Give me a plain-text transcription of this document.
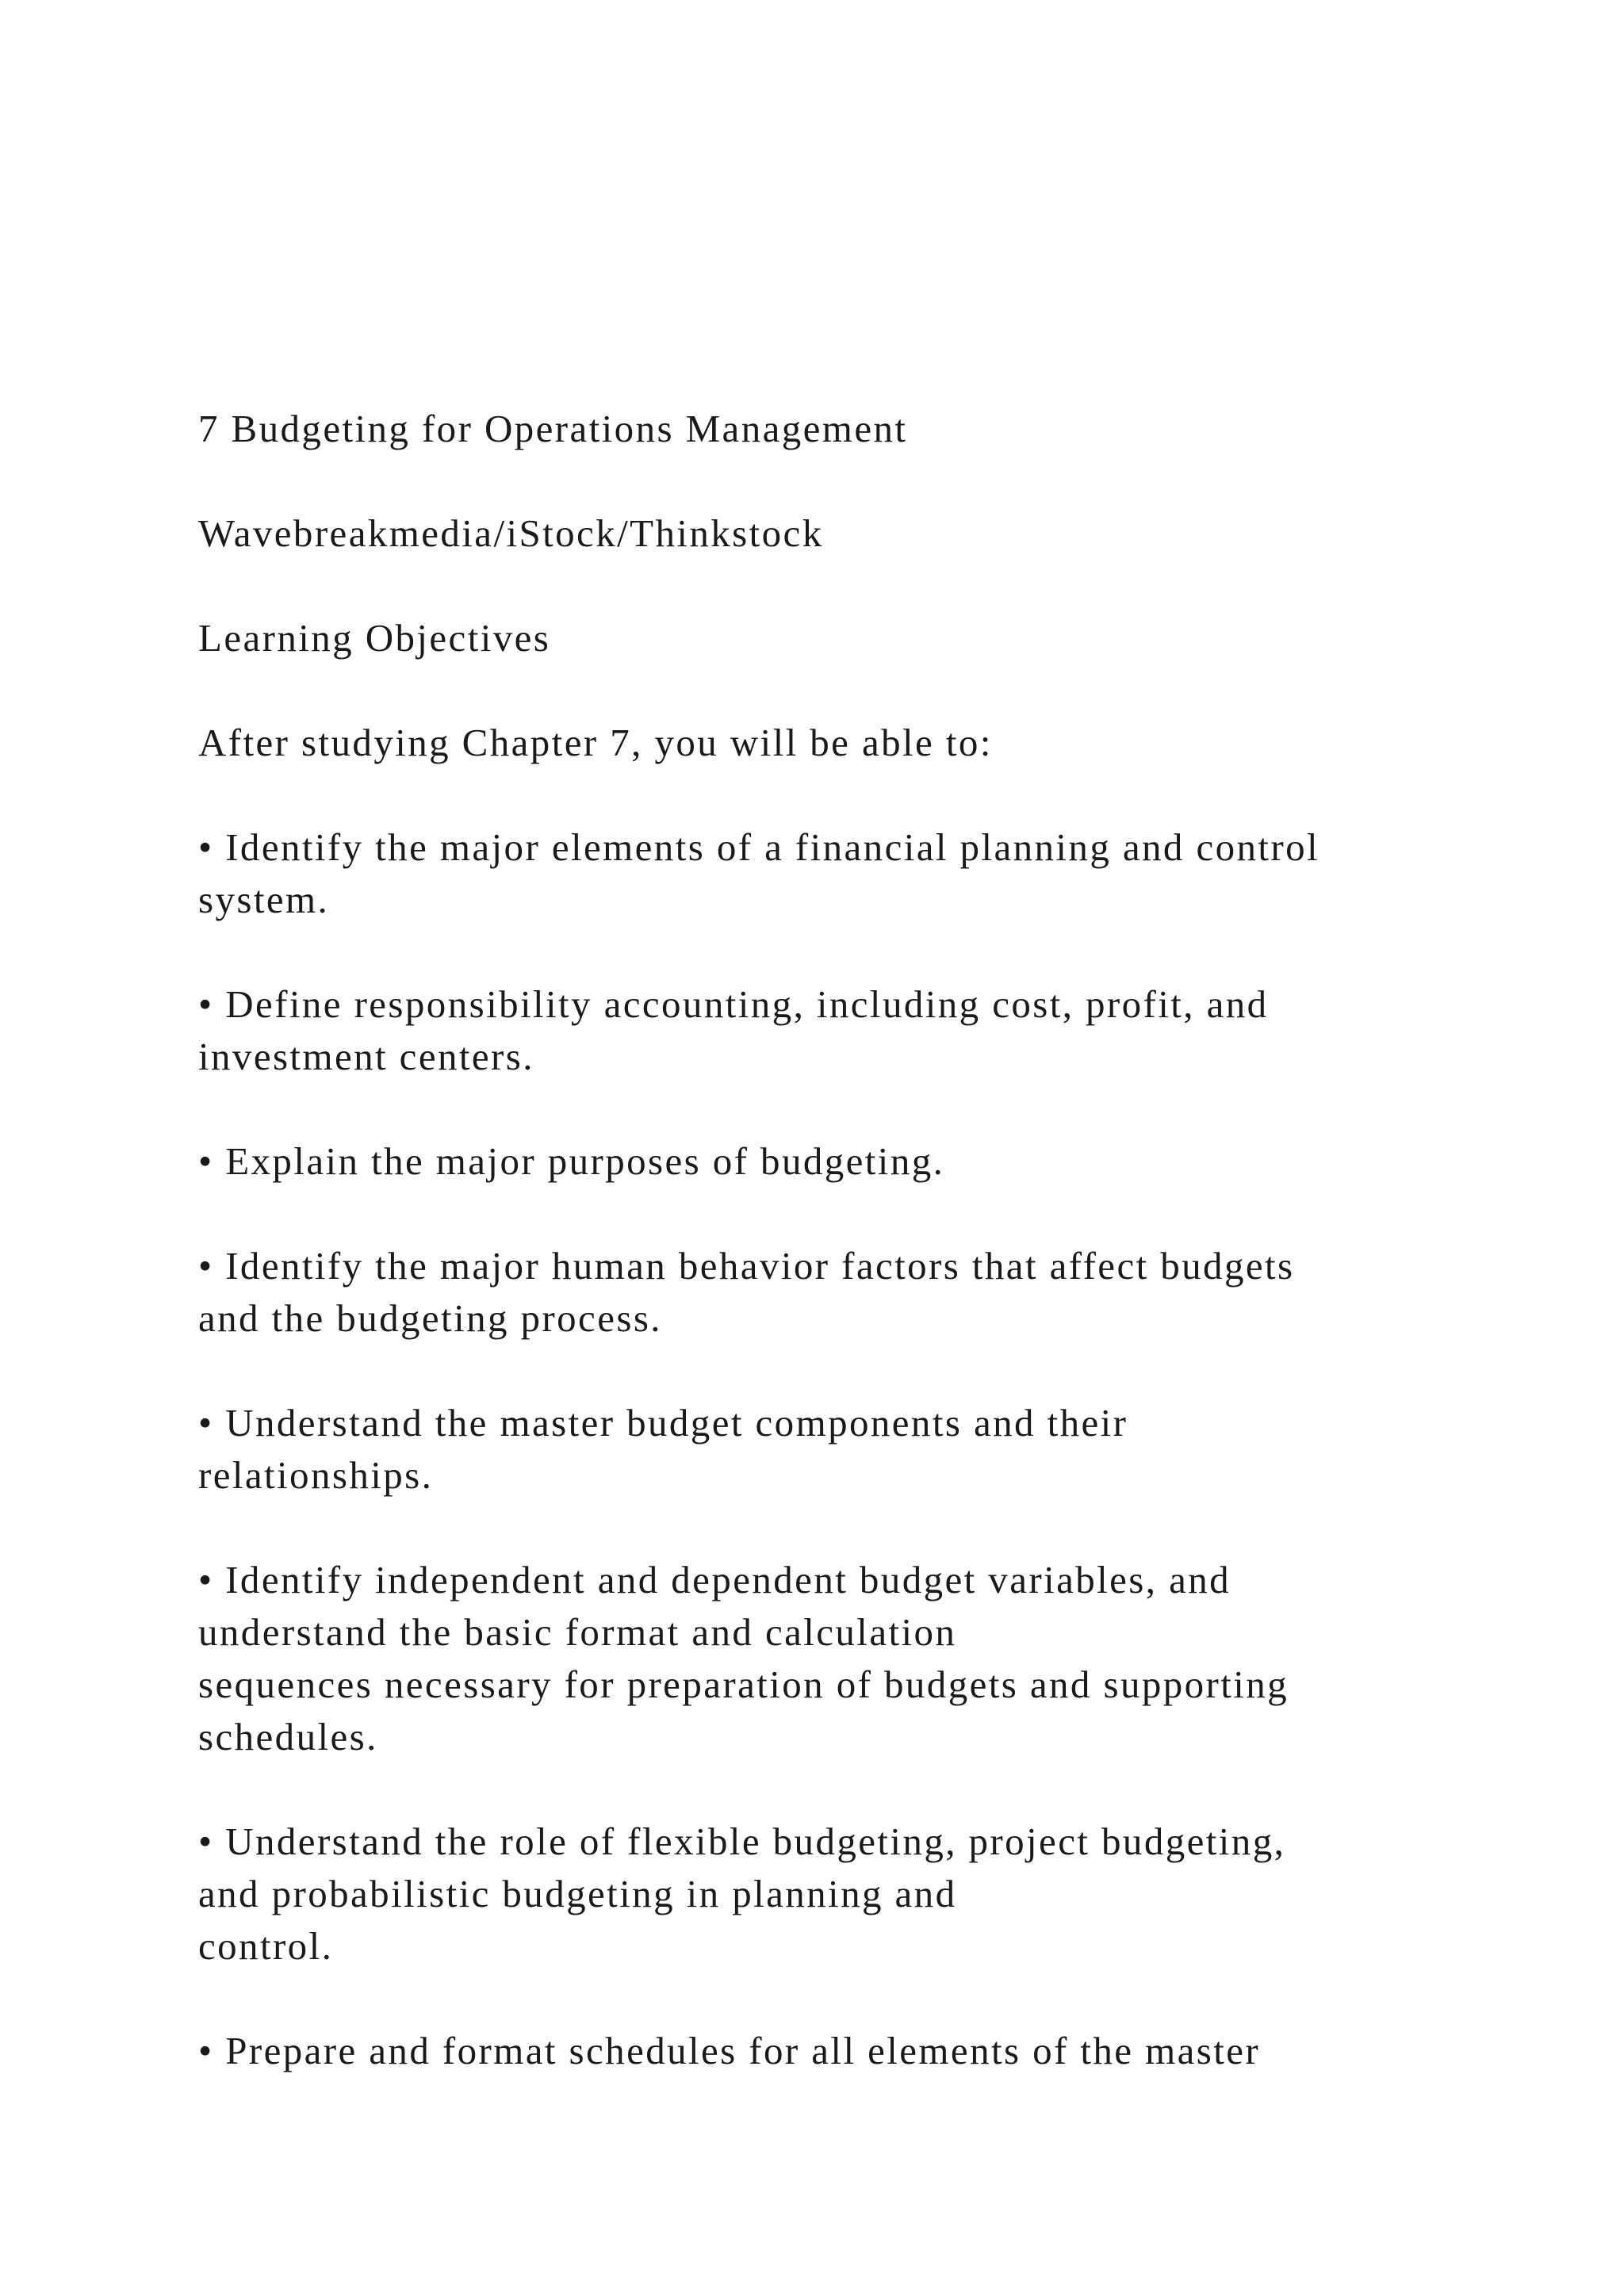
7 Budgeting for Operations Management

Wavebreakmedia/iStock/Thinkstock

Learning Objectives

After studying Chapter 7, you will be able to:

• Identify the major elements of a financial planning and control
system.

• Define responsibility accounting, including cost, profit, and
investment centers.

• Explain the major purposes of budgeting.

• Identify the major human behavior factors that affect budgets
and the budgeting process.

• Understand the master budget components and their
relationships.

• Identify independent and dependent budget variables, and
understand the basic format and calculation
sequences necessary for preparation of budgets and supporting
schedules.

• Understand the role of flexible budgeting, project budgeting,
and probabilistic budgeting in planning and
control.

• Prepare and format schedules for all elements of the master
